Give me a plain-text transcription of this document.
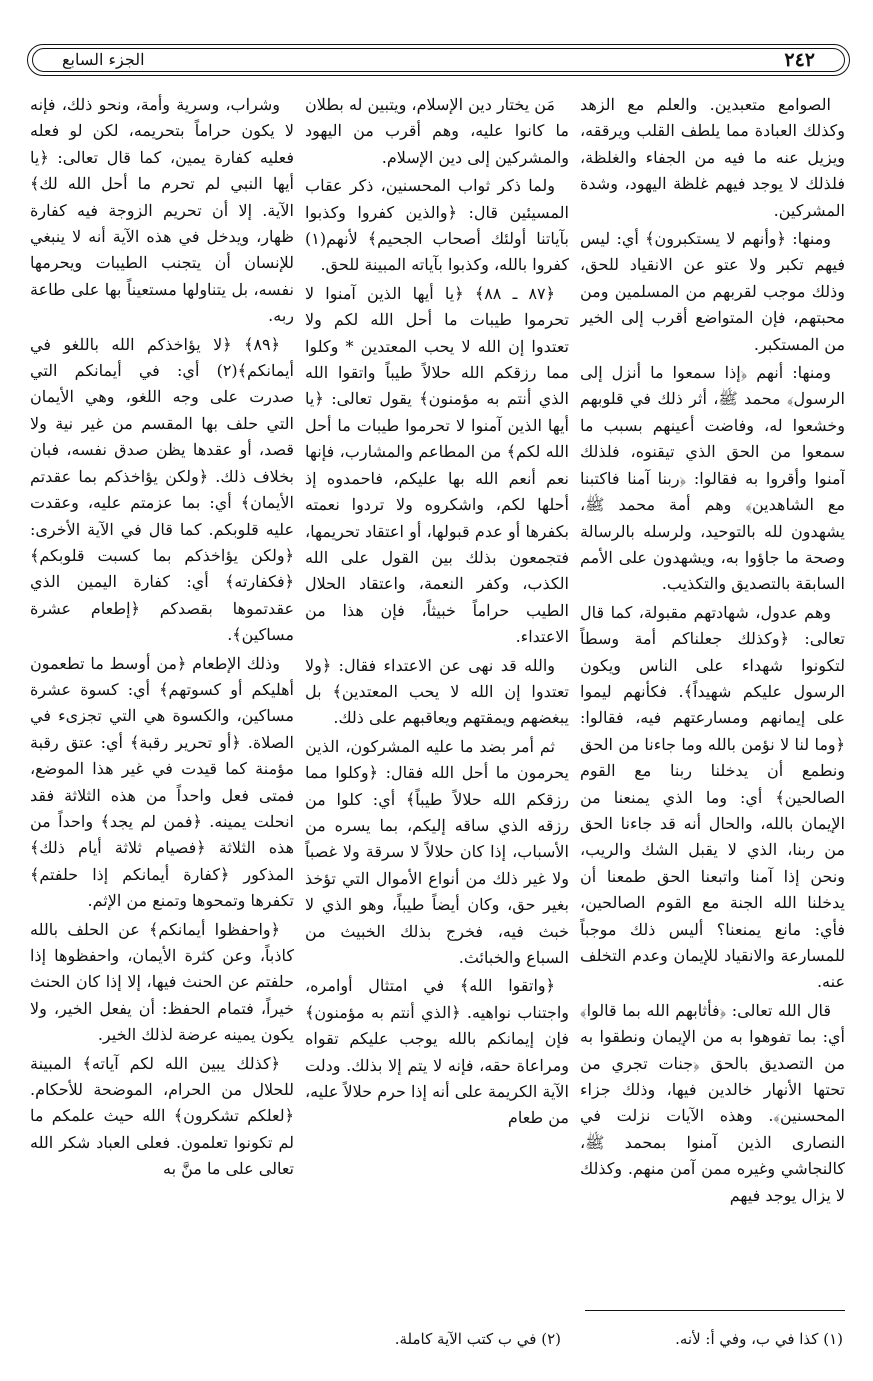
٢٤٢
الجزء السابع

الصوامع متعبدين. والعلم مع الزهد وكذلك العبادة مما يلطف القلب ويرققه، ويزيل عنه ما فيه من الجفاء والغلظة، فلذلك لا يوجد فيهم غلظة اليهود، وشدة المشركين.

ومنها: ﴿وأنهم لا يستكبرون﴾ أي: ليس فيهم تكبر ولا عتو عن الانقياد للحق، وذلك موجب لقربهم من المسلمين ومن محبتهم، فإن المتواضع أقرب إلى الخير من المستكبر.

ومنها: أنهم ﴿إذا سمعوا ما أنزل إلى الرسول﴾ محمد ﷺ، أثر ذلك في قلوبهم وخشعوا له، وفاضت أعينهم بسبب ما سمعوا من الحق الذي تيقنوه، فلذلك آمنوا وأقروا به فقالوا: ﴿ربنا آمنا فاكتبنا مع الشاهدين﴾ وهم أمة محمد ﷺ، يشهدون لله بالتوحيد، ولرسله بالرسالة وصحة ما جاؤوا به، ويشهدون على الأمم السابقة بالتصديق والتكذيب.

وهم عدول، شهادتهم مقبولة، كما قال تعالى: ﴿وكذلك جعلناكم أمة وسطاً لتكونوا شهداء على الناس ويكون الرسول عليكم شهيداً﴾. فكأنهم ليموا على إيمانهم ومسارعتهم فيه، فقالوا: ﴿وما لنا لا نؤمن بالله وما جاءنا من الحق ونطمع أن يدخلنا ربنا مع القوم الصالحين﴾ أي: وما الذي يمنعنا من الإيمان بالله، والحال أنه قد جاءنا الحق من ربنا، الذي لا يقبل الشك والريب، ونحن إذا آمنا واتبعنا الحق طمعنا أن يدخلنا الله الجنة مع القوم الصالحين، فأي: مانع يمنعنا؟ أليس ذلك موجباً للمسارعة والانقياد للإيمان وعدم التخلف عنه.

قال الله تعالى: ﴿فأثابهم الله بما قالوا﴾ أي: بما تفوهوا به من الإيمان ونطقوا به من التصديق بالحق ﴿جنات تجري من تحتها الأنهار خالدين فيها، وذلك جزاء المحسنين﴾. وهذه الآيات نزلت في النصارى الذين آمنوا بمحمد ﷺ، كالنجاشي وغيره ممن آمن منهم. وكذلك لا يزال يوجد فيهم

مَن يختار دين الإسلام، ويتبين له بطلان ما كانوا عليه، وهم أقرب من اليهود والمشركين إلى دين الإسلام.

ولما ذكر ثواب المحسنين، ذكر عقاب المسيئين قال: ﴿والذين كفروا وكذبوا بآياتنا أولئك أصحاب الجحيم﴾ لأنهم(١) كفروا بالله، وكذبوا بآياته المبينة للحق.

﴿٨٧ ـ ٨٨﴾ ﴿يا أيها الذين آمنوا لا تحرموا طيبات ما أحل الله لكم ولا تعتدوا إن الله لا يحب المعتدين * وكلوا مما رزقكم الله حلالاً طيباً واتقوا الله الذي أنتم به مؤمنون﴾ يقول تعالى: ﴿يا أيها الذين آمنوا لا تحرموا طيبات ما أحل الله لكم﴾ من المطاعم والمشارب، فإنها نعم أنعم الله بها عليكم، فاحمدوه إذ أحلها لكم، واشكروه ولا تردوا نعمته بكفرها أو عدم قبولها، أو اعتقاد تحريمها، فتجمعون بذلك بين القول على الله الكذب، وكفر النعمة، واعتقاد الحلال الطيب حراماً خبيثاً، فإن هذا من الاعتداء.

والله قد نهى عن الاعتداء فقال: ﴿ولا تعتدوا إن الله لا يحب المعتدين﴾ بل يبغضهم ويمقتهم ويعاقبهم على ذلك.

ثم أمر بضد ما عليه المشركون، الذين يحرمون ما أحل الله فقال: ﴿وكلوا مما رزقكم الله حلالاً طيباً﴾ أي: كلوا من رزقه الذي ساقه إليكم، بما يسره من الأسباب، إذا كان حلالاً لا سرقة ولا غصباً ولا غير ذلك من أنواع الأموال التي تؤخذ بغير حق، وكان أيضاً طيباً، وهو الذي لا خبث فيه، فخرج بذلك الخبيث من السباع والخبائث.

﴿واتقوا الله﴾ في امتثال أوامره، واجتناب نواهيه. ﴿الذي أنتم به مؤمنون﴾ فإن إيمانكم بالله يوجب عليكم تقواه ومراعاة حقه، فإنه لا يتم إلا بذلك. ودلت الآية الكريمة على أنه إذا حرم حلالاً عليه، من طعام

وشراب، وسرية وأمة، ونحو ذلك، فإنه لا يكون حراماً بتحريمه، لكن لو فعله فعليه كفارة يمين، كما قال تعالى: ﴿يا أيها النبي لم تحرم ما أحل الله لك﴾ الآية. إلا أن تحريم الزوجة فيه كفارة ظهار، ويدخل في هذه الآية أنه لا ينبغي للإنسان أن يتجنب الطيبات ويحرمها نفسه، بل يتناولها مستعيناً بها على طاعة ربه.

﴿٨٩﴾ ﴿لا يؤاخذكم الله باللغو في أيمانكم﴾(٢) أي: في أيمانكم التي صدرت على وجه اللغو، وهي الأيمان التي حلف بها المقسم من غير نية ولا قصد، أو عقدها يظن صدق نفسه، فبان بخلاف ذلك. ﴿ولكن يؤاخذكم بما عقدتم الأيمان﴾ أي: بما عزمتم عليه، وعقدت عليه قلوبكم. كما قال في الآية الأخرى: ﴿ولكن يؤاخذكم بما كسبت قلوبكم﴾ ﴿فكفارته﴾ أي: كفارة اليمين الذي عقدتموها بقصدكم ﴿إطعام عشرة مساكين﴾.

وذلك الإطعام ﴿من أوسط ما تطعمون أهليكم أو كسوتهم﴾ أي: كسوة عشرة مساكين، والكسوة هي التي تجزىء في الصلاة. ﴿أو تحرير رقبة﴾ أي: عتق رقبة مؤمنة كما قيدت في غير هذا الموضع، فمتى فعل واحداً من هذه الثلاثة فقد انحلت يمينه. ﴿فمن لم يجد﴾ واحداً من هذه الثلاثة ﴿فصيام ثلاثة أيام ذلك﴾ المذكور ﴿كفارة أيمانكم إذا حلفتم﴾ تكفرها وتمحوها وتمنع من الإثم.

﴿واحفظوا أيمانكم﴾ عن الحلف بالله كاذباً، وعن كثرة الأيمان، واحفظوها إذا حلفتم عن الحنث فيها، إلا إذا كان الحنث خيراً، فتمام الحفظ: أن يفعل الخير، ولا يكون يمينه عرضة لذلك الخير.

﴿كذلك يبين الله لكم آياته﴾ المبينة للحلال من الحرام، الموضحة للأحكام. ﴿لعلكم تشكرون﴾ الله حيث علمكم ما لم تكونوا تعلمون. فعلى العباد شكر الله تعالى على ما منَّ به

(١) كذا في ب، وفي أ: لأنه.
(٢) في ب كتب الآية كاملة.
